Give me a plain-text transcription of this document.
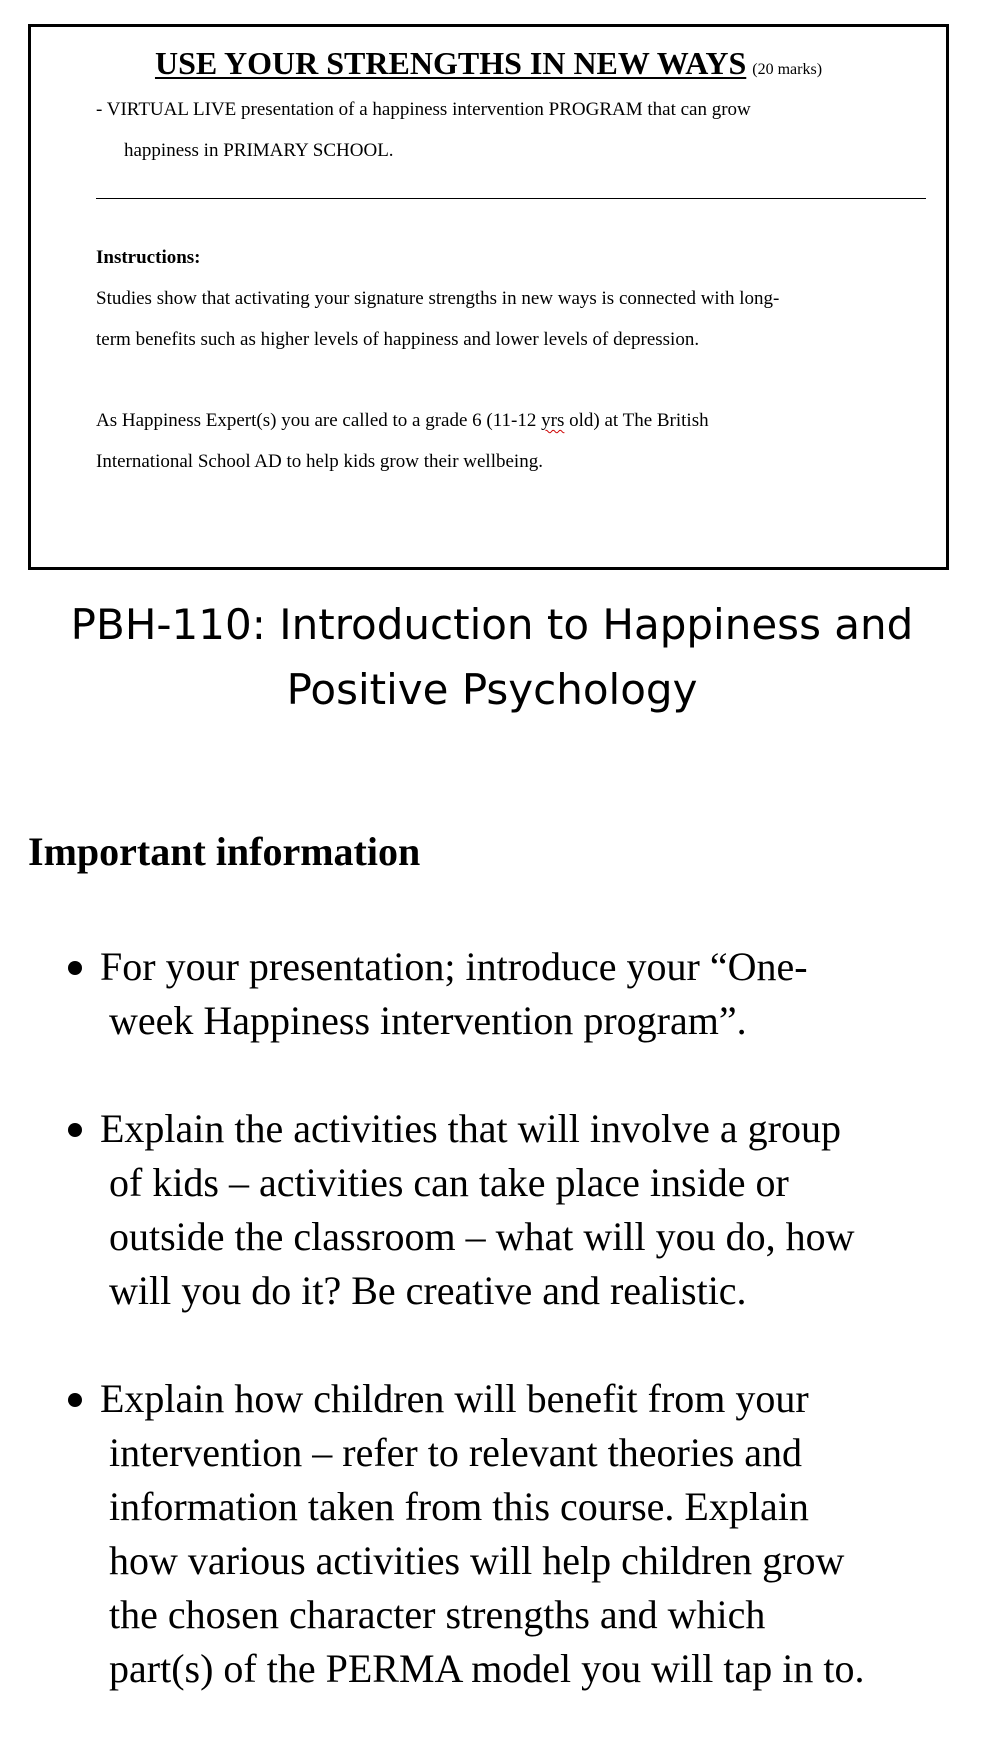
USE YOUR STRENGTHS IN NEW WAYS (20 marks)
- VIRTUAL LIVE presentation of a happiness intervention PROGRAM that can grow
happiness in PRIMARY SCHOOL.
Instructions:
Studies show that activating your signature strengths in new ways is connected with long-
term benefits such as higher levels of happiness and lower levels of depression.
As Happiness Expert(s) you are called to a grade 6 (11-12 yrs old) at The British
International School AD to help kids grow their wellbeing.
PBH-110: Introduction to Happiness and
Positive Psychology
Important information
For your presentation; introduce your “One-
week Happiness intervention program”.
Explain the activities that will involve a group
of kids – activities can take place inside or
outside the classroom – what will you do, how
will you do it? Be creative and realistic.
Explain how children will benefit from your
intervention – refer to relevant theories and
information taken from this course. Explain
how various activities will help children grow
the chosen character strengths and which
part(s) of the PERMA model you will tap in to.
